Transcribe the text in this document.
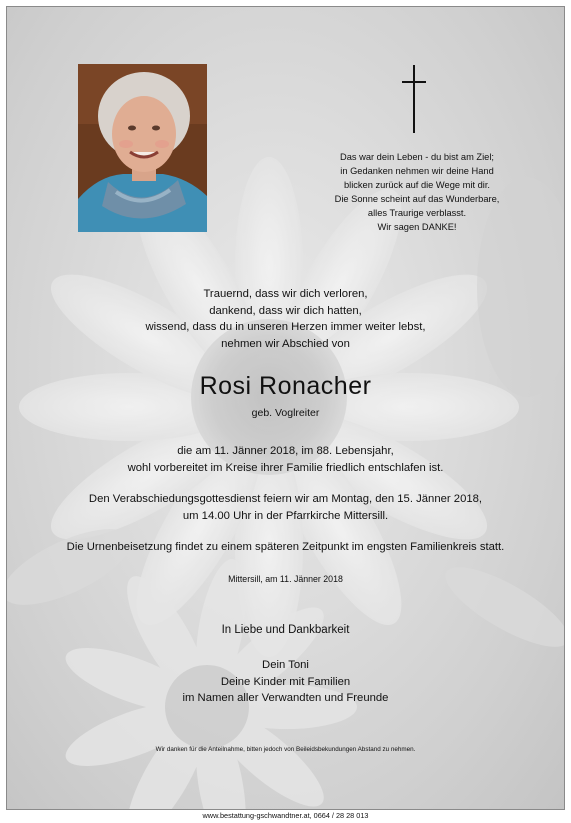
Das war dein Leben - du bist am Ziel;
in Gedanken nehmen wir deine Hand
blicken zurück auf die Wege mit dir.
Die Sonne scheint auf das Wunderbare,
alles Traurige verblasst.
Wir sagen DANKE!
Trauernd, dass wir dich verloren,
dankend, dass wir dich hatten,
wissend, dass du in unseren Herzen immer weiter lebst,
nehmen wir Abschied von
Rosi Ronacher
geb. Voglreiter
die am 11. Jänner 2018, im 88. Lebensjahr,
wohl vorbereitet im Kreise ihrer Familie friedlich entschlafen ist.
Den Verabschiedungsgottesdienst feiern wir am Montag, den 15. Jänner 2018,
um 14.00 Uhr in der Pfarrkirche Mittersill.
Die Urnenbeisetzung findet zu einem späteren Zeitpunkt im engsten Familienkreis statt.
Mittersill, am 11. Jänner 2018
In Liebe und Dankbarkeit
Dein Toni
Deine Kinder mit Familien
im Namen aller Verwandten und Freunde
Wir danken für die Anteilnahme, bitten jedoch von Beileidsbekundungen Abstand zu nehmen.
www.bestattung-gschwandtner.at, 0664 / 28 28 013
